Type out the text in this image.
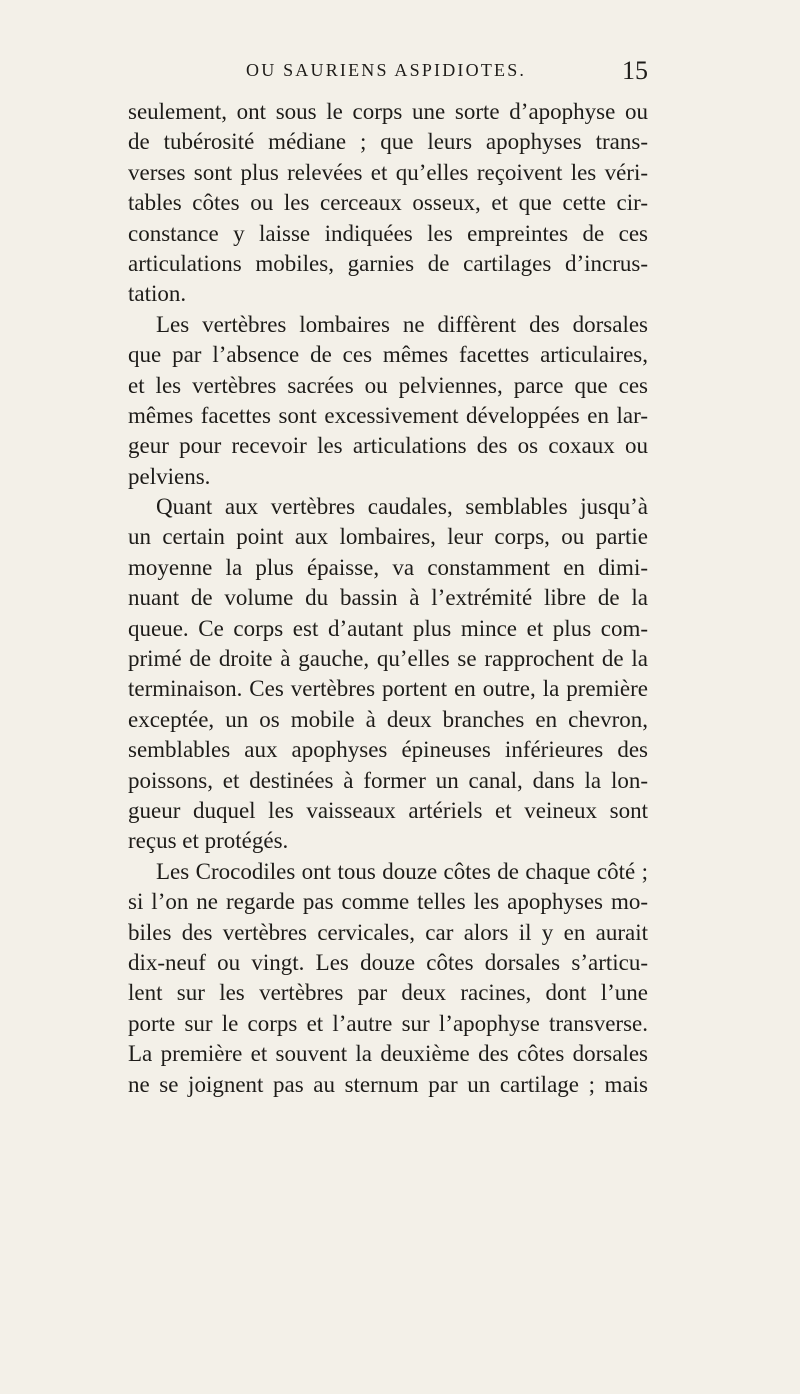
OU SAURIENS ASPIDIOTES.	15
seulement, ont sous le corps une sorte d’apophyse ou
de tubérosité médiane ; que leurs apophyses trans-
verses sont plus relevées et qu’elles reçoivent les véri-
tables côtes ou les cerceaux osseux, et que cette cir-
constance y laisse indiquées les empreintes de ces
articulations mobiles, garnies de cartilages d’incrus-
tation.
Les vertèbres lombaires ne diffèrent des dorsales
que par l’absence de ces mêmes facettes articulaires,
et les vertèbres sacrées ou pelviennes, parce que ces
mêmes facettes sont excessivement développées en lar-
geur pour recevoir les articulations des os coxaux ou
pelviens.
Quant aux vertèbres caudales, semblables jusqu’à
un certain point aux lombaires, leur corps, ou partie
moyenne la plus épaisse, va constamment en dimi-
nuant de volume du bassin à l’extrémité libre de la
queue. Ce corps est d’autant plus mince et plus com-
primé de droite à gauche, qu’elles se rapprochent de la
terminaison. Ces vertèbres portent en outre, la première
exceptée, un os mobile à deux branches en chevron,
semblables aux apophyses épineuses inférieures des
poissons, et destinées à former un canal, dans la lon-
gueur duquel les vaisseaux artériels et veineux sont
reçus et protégés.
Les Crocodiles ont tous douze côtes de chaque côté ;
si l’on ne regarde pas comme telles les apophyses mo-
biles des vertèbres cervicales, car alors il y en aurait
dix-neuf ou vingt. Les douze côtes dorsales s’articu-
lent sur les vertèbres par deux racines, dont l’une
porte sur le corps et l’autre sur l’apophyse transverse.
La première et souvent la deuxième des côtes dorsales
ne se joignent pas au sternum par un cartilage ; mais
